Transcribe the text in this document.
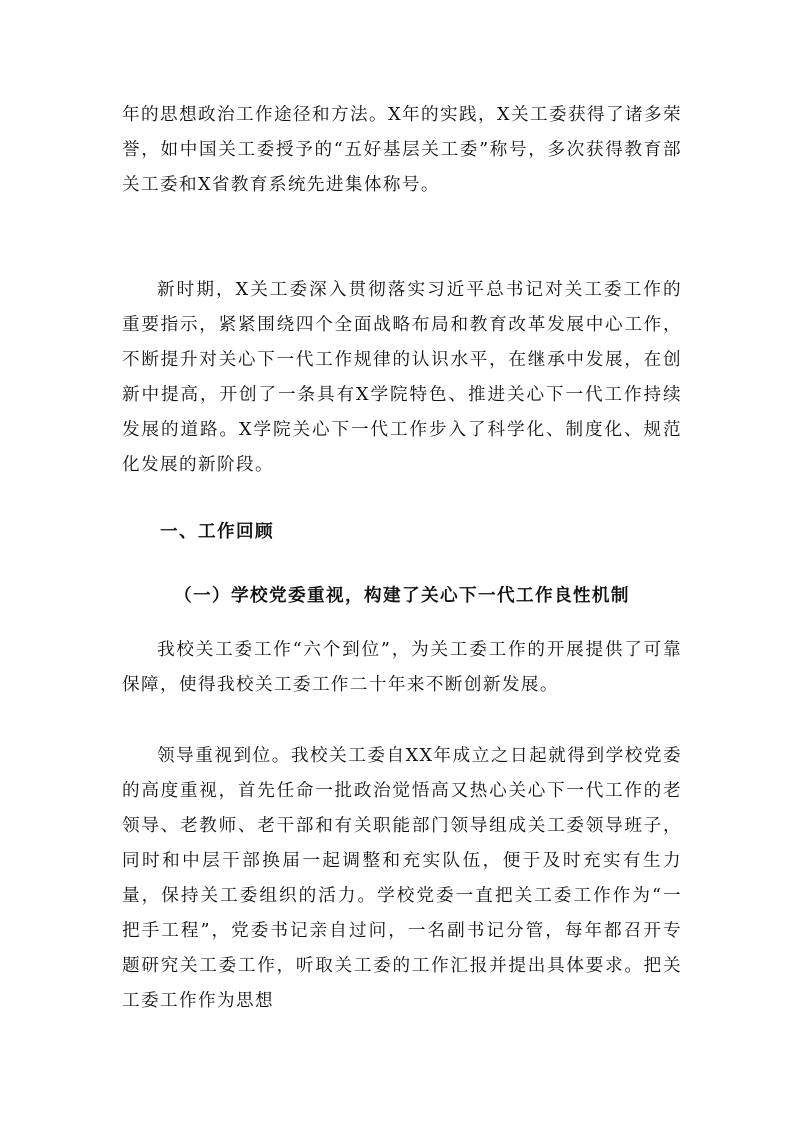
年的思想政治工作途径和方法。X年的实践，X关工委获得了诸多荣誉，如中国关工委授予的“五好基层关工委”称号，多次获得教育部关工委和X省教育系统先进集体称号。

新时期，X关工委深入贯彻落实习近平总书记对关工委工作的重要指示，紧紧围绕四个全面战略布局和教育改革发展中心工作，不断提升对关心下一代工作规律的认识水平，在继承中发展，在创新中提高，开创了一条具有X学院特色、推进关心下一代工作持续发展的道路。X学院关心下一代工作步入了科学化、制度化、规范化发展的新阶段。

一、工作回顾

（一）学校党委重视，构建了关心下一代工作良性机制

我校关工委工作“六个到位”，为关工委工作的开展提供了可靠保障，使得我校关工委工作二十年来不断创新发展。

领导重视到位。我校关工委自XX年成立之日起就得到学校党委的高度重视，首先任命一批政治觉悟高又热心关心下一代工作的老领导、老教师、老干部和有关职能部门领导组成关工委领导班子，同时和中层干部换届一起调整和充实队伍，便于及时充实有生力量，保持关工委组织的活力。学校党委一直把关工委工作作为“一把手工程”，党委书记亲自过问，一名副书记分管，每年都召开专题研究关工委工作，听取关工委的工作汇报并提出具体要求。把关工委工作作为思想
